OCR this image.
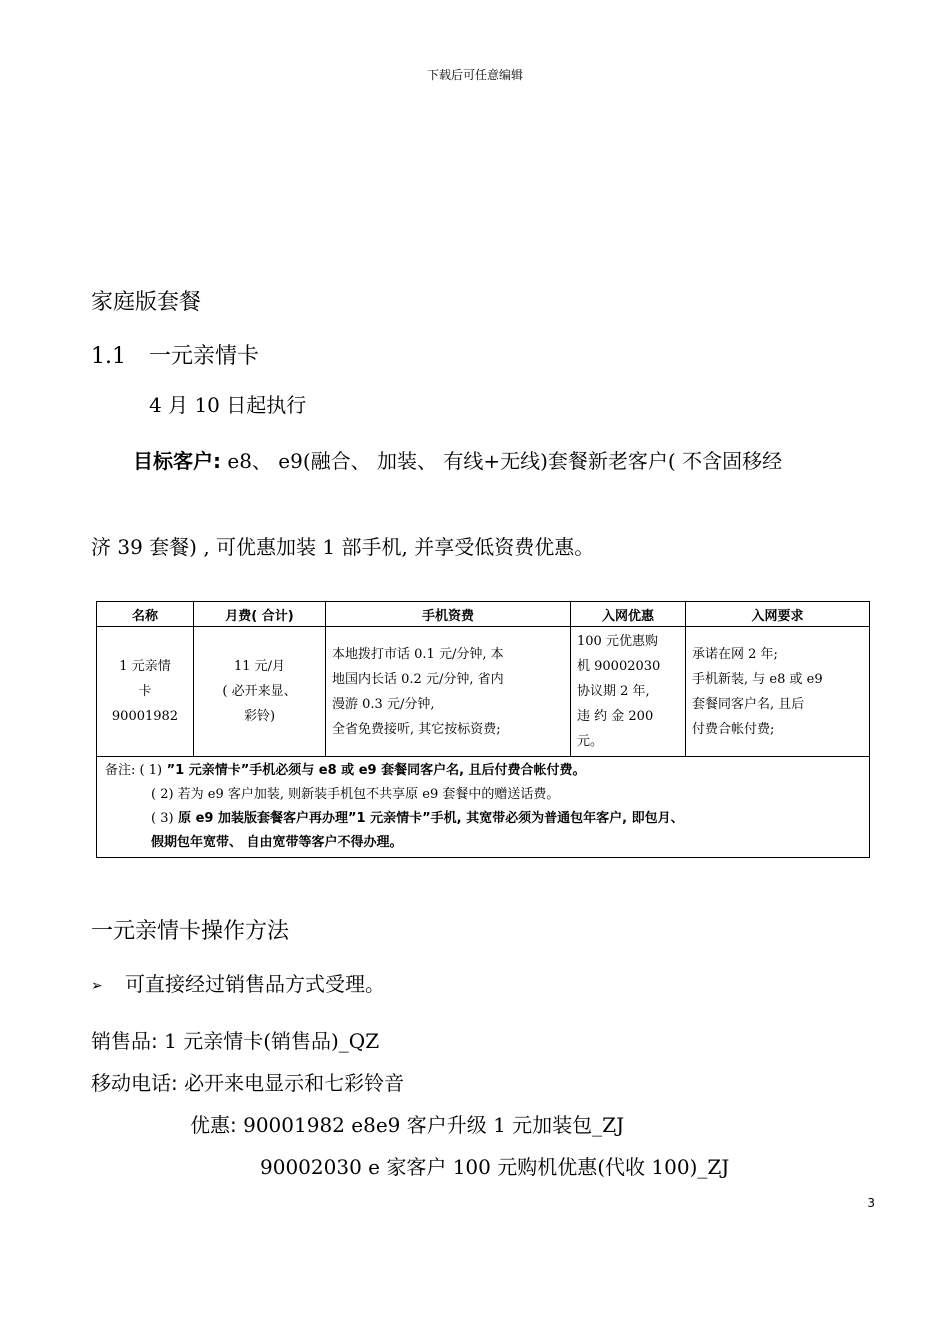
下载后可任意编辑
家庭版套餐
1.1 一元亲情卡
4 月 10 日起执行
目标客户: e8、 e9(融合、 加装、 有线+无线)套餐新老客户( 不含固移经
济 39 套餐) , 可优惠加装 1 部手机, 并享受低资费优惠。
名称	月费( 合计)	手机资费	入网优惠	入网要求

1 元亲情
卡
90001982	11 元/月
( 必开来显、
彩铃)	本地拨打市话 0.1 元/分钟, 本
地国内长话 0.2 元/分钟, 省内
漫游 0.3 元/分钟,
全省免费接听, 其它按标资费;	100 元优惠购
机 90002030
协议期 2 年,
违 约 金 200
元。	承诺在网 2 年;
手机新装, 与 e8 或 e9
套餐同客户名, 且后
付费合帐付费;

备注: ( 1) ”1 元亲情卡”手机必须与 e8 或 e9 套餐同客户名, 且后付费合帐付费。
( 2) 若为 e9 客户加装, 则新装手机包不共享原 e9 套餐中的赠送话费。
( 3) 原 e9 加装版套餐客户再办理”1 元亲情卡”手机, 其宽带必须为普通包年客户, 即包月、
假期包年宽带、 自由宽带等客户不得办理。				
一元亲情卡操作方法
➢ 可直接经过销售品方式受理。
销售品: 1 元亲情卡(销售品)_QZ
移动电话: 必开来电显示和七彩铃音
优惠: 90001982 e8e9 客户升级 1 元加装包_ZJ
90002030 e 家客户 100 元购机优惠(代收 100)_ZJ
3
